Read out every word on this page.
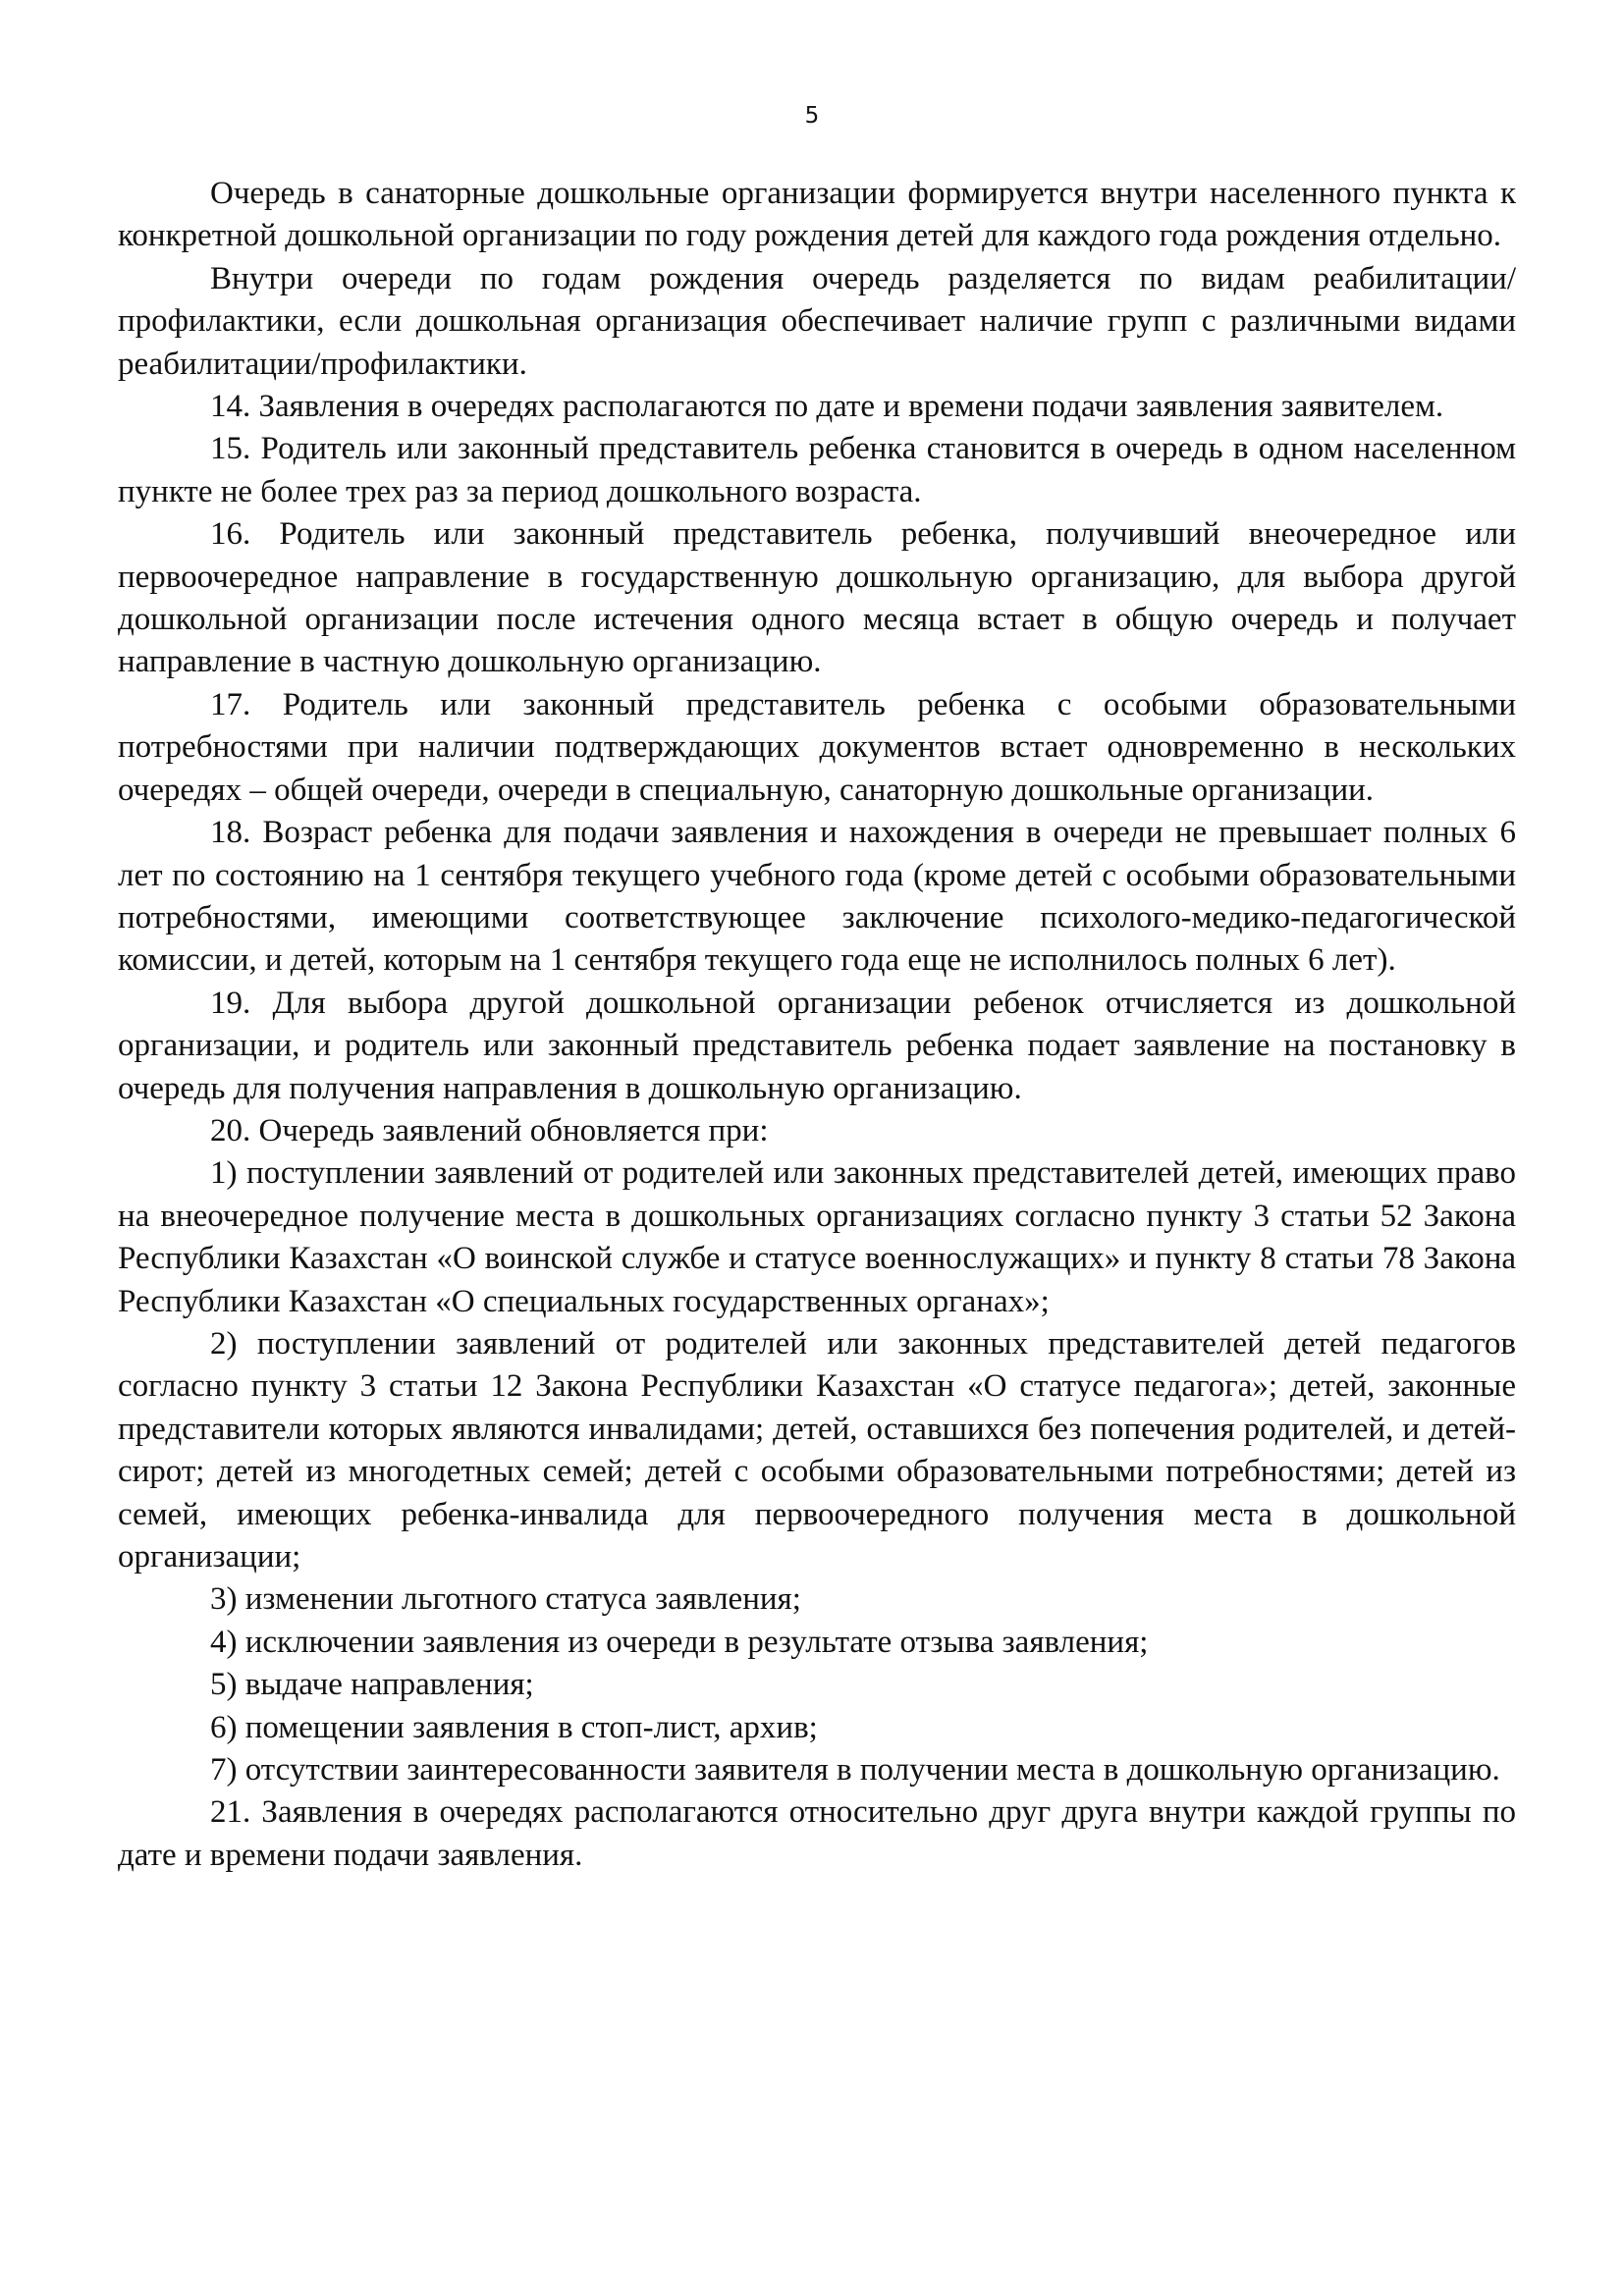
5

Очередь в санаторные дошкольные организации формируется внутри населенного пункта к конкретной дошкольной организации по году рождения детей для каждого года рождения отдельно.

Внутри очереди по годам рождения очередь разделяется по видам реабилитации/профилактики, если дошкольная организация обеспечивает наличие групп с различными видами реабилитации/профилактики.

14. Заявления в очередях располагаются по дате и времени подачи заявления заявителем.

15. Родитель или законный представитель ребенка становится в очередь в одном населенном пункте не более трех раз за период дошкольного возраста.

16. Родитель или законный представитель ребенка, получивший внеочередное или первоочередное направление в государственную дошкольную организацию, для выбора другой дошкольной организации после истечения одного месяца встает в общую очередь и получает направление в частную дошкольную организацию.

17. Родитель или законный представитель ребенка с особыми образовательными потребностями при наличии подтверждающих документов встает одновременно в нескольких очередях – общей очереди, очереди в специальную, санаторную дошкольные организации.

18. Возраст ребенка для подачи заявления и нахождения в очереди не превышает полных 6 лет по состоянию на 1 сентября текущего учебного года (кроме детей с особыми образовательными потребностями, имеющими соответствующее заключение психолого-медико-педагогической комиссии, и детей, которым на 1 сентября текущего года еще не исполнилось полных 6 лет).

19. Для выбора другой дошкольной организации ребенок отчисляется из дошкольной организации, и родитель или законный представитель ребенка подает заявление на постановку в очередь для получения направления в дошкольную организацию.

20. Очередь заявлений обновляется при:

1) поступлении заявлений от родителей или законных представителей детей, имеющих право на внеочередное получение места в дошкольных организациях согласно пункту 3 статьи 52 Закона Республики Казахстан «О воинской службе и статусе военнослужащих» и пункту 8 статьи 78 Закона Республики Казахстан «О специальных государственных органах»;

2) поступлении заявлений от родителей или законных представителей детей педагогов согласно пункту 3 статьи 12 Закона Республики Казахстан «О статусе педагога»; детей, законные представители которых являются инвалидами; детей, оставшихся без попечения родителей, и детей-сирот; детей из многодетных семей; детей с особыми образовательными потребностями; детей из семей, имеющих ребенка-инвалида для первоочередного получения места в дошкольной организации;

3) изменении льготного статуса заявления;

4) исключении заявления из очереди в результате отзыва заявления;

5) выдаче направления;

6) помещении заявления в стоп-лист, архив;

7) отсутствии заинтересованности заявителя в получении места в дошкольную организацию.

21. Заявления в очередях располагаются относительно друг друга внутри каждой группы по дате и времени подачи заявления.
